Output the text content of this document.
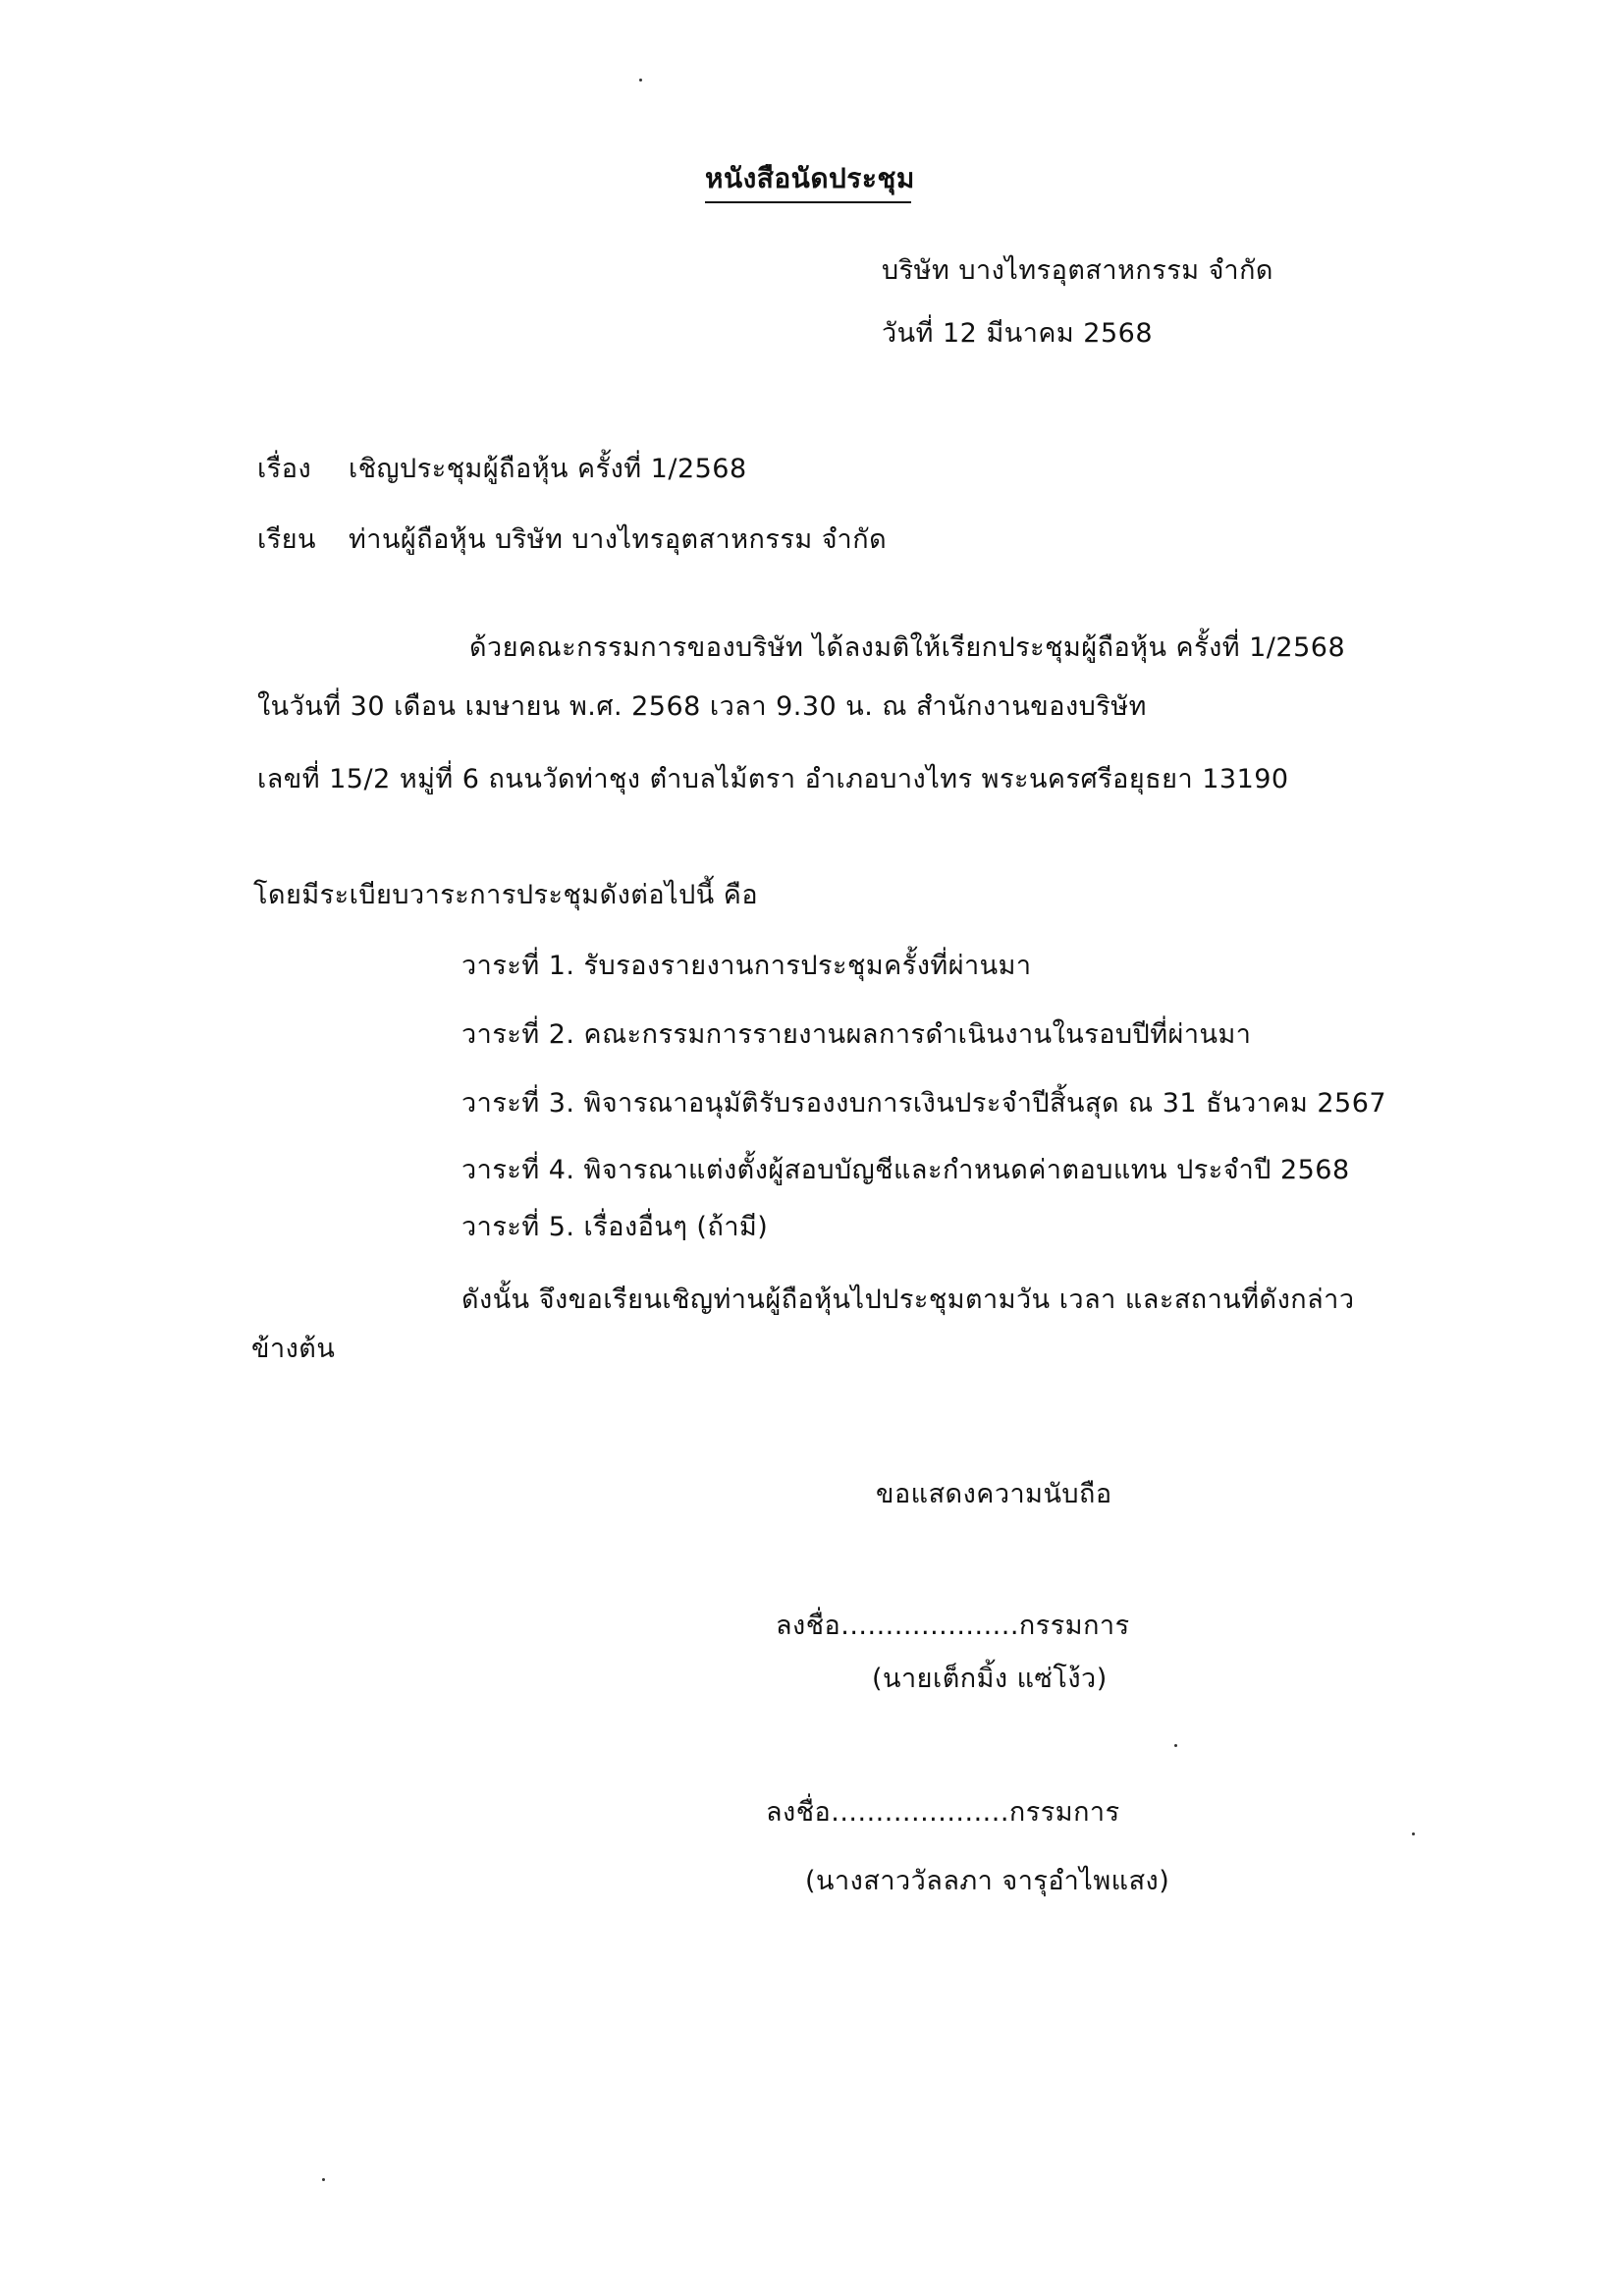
หนังสือนัดประชุม
บริษัท บางไทรอุตสาหกรรม จำกัด
วันที่ 12 มีนาคม 2568
เรื่อง เชิญประชุมผู้ถือหุ้น ครั้งที่ 1/2568
เรียน ท่านผู้ถือหุ้น บริษัท บางไทรอุตสาหกรรม จำกัด
ด้วยคณะกรรมการของบริษัท ได้ลงมติให้เรียกประชุมผู้ถือหุ้น ครั้งที่ 1/2568
ในวันที่ 30 เดือน เมษายน พ.ศ. 2568 เวลา 9.30 น. ณ สำนักงานของบริษัท
เลขที่ 15/2 หมู่ที่ 6 ถนนวัดท่าชุง ตำบลไม้ตรา อำเภอบางไทร พระนครศรีอยุธยา 13190
โดยมีระเบียบวาระการประชุมดังต่อไปนี้ คือ
วาระที่ 1. รับรองรายงานการประชุมครั้งที่ผ่านมา
วาระที่ 2. คณะกรรมการรายงานผลการดำเนินงานในรอบปีที่ผ่านมา
วาระที่ 3. พิจารณาอนุมัติรับรองงบการเงินประจำปีสิ้นสุด ณ 31 ธันวาคม 2567
วาระที่ 4. พิจารณาแต่งตั้งผู้สอบบัญชีและกำหนดค่าตอบแทน ประจำปี 2568
วาระที่ 5. เรื่องอื่นๆ (ถ้ามี)
ดังนั้น จึงขอเรียนเชิญท่านผู้ถือหุ้นไปประชุมตามวัน เวลา และสถานที่ดังกล่าว
ข้างต้น
ขอแสดงความนับถือ
ลงชื่อ....................กรรมการ
(นายเต็กมิ้ง แซ่โง้ว)
ลงชื่อ....................กรรมการ
(นางสาววัลลภา จารุอำไพแสง)
